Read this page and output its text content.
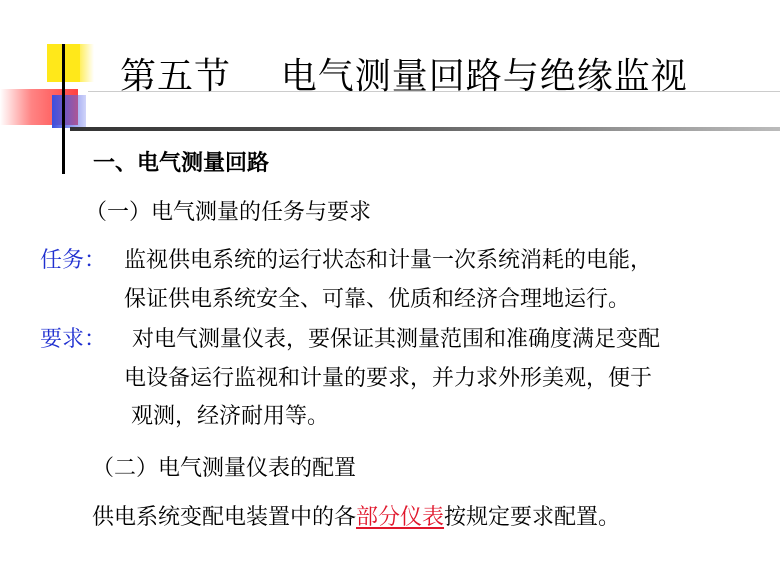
第五节    电气测量回路与绝缘监视
一、电气测量回路
（一）电气测量的任务与要求
任务： 监视供电系统的运行状态和计量一次系统消耗的电能，
保证供电系统安全、可靠、优质和经济合理地运行。
要求： 对电气测量仪表，要保证其测量范围和准确度满足变配
电设备运行监视和计量的要求，并力求外形美观，便于
观测，经济耐用等。
（二）电气测量仪表的配置
供电系统变配电装置中的各部分仪表按规定要求配置。
